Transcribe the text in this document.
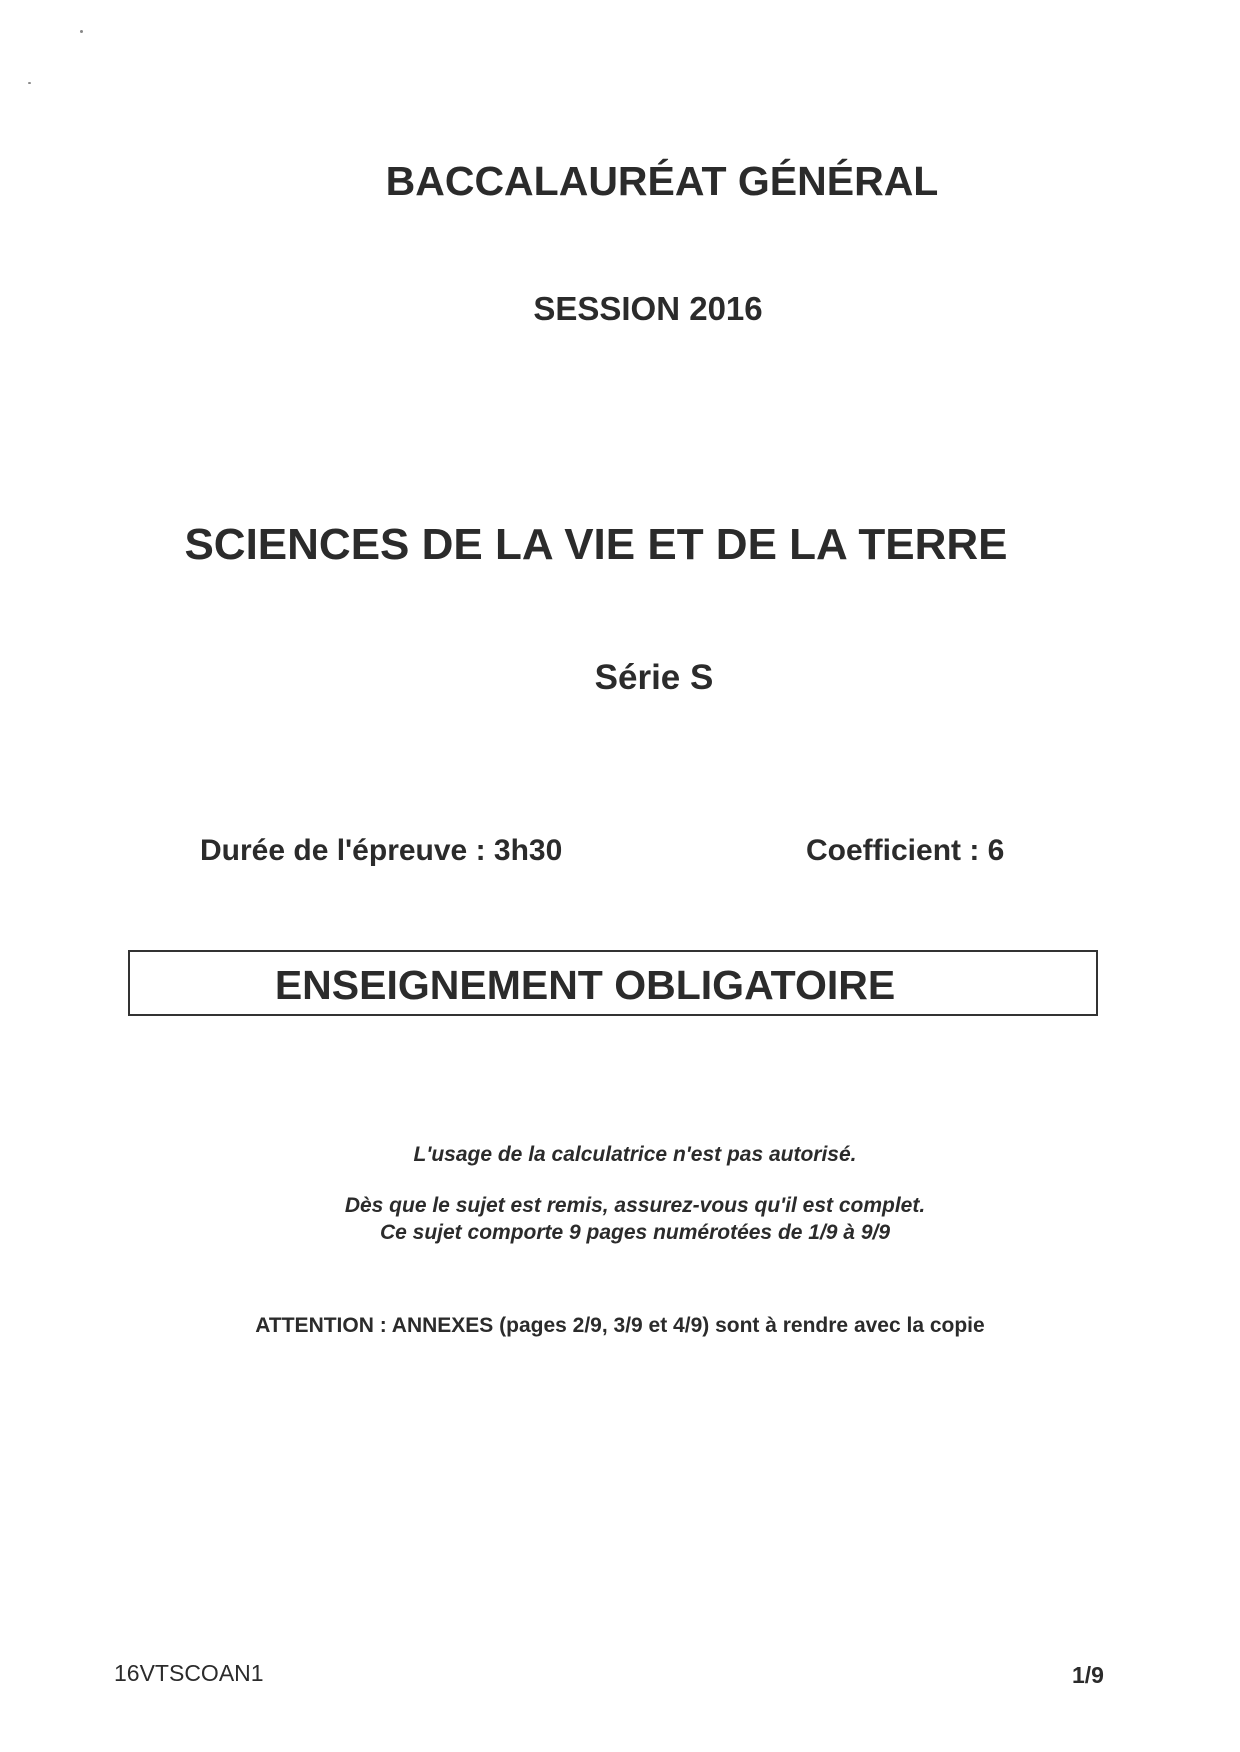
BACCALAURÉAT GÉNÉRAL
SESSION 2016
SCIENCES DE LA VIE ET DE LA TERRE
Série S
Durée de l'épreuve : 3h30	Coefficient : 6
ENSEIGNEMENT OBLIGATOIRE
L'usage de la calculatrice n'est pas autorisé.
Dès que le sujet est remis, assurez-vous qu'il est complet.
Ce sujet comporte 9 pages numérotées de 1/9 à 9/9
ATTENTION : ANNEXES (pages 2/9, 3/9 et 4/9) sont à rendre avec la copie
16VTSCOAN1	1/9
